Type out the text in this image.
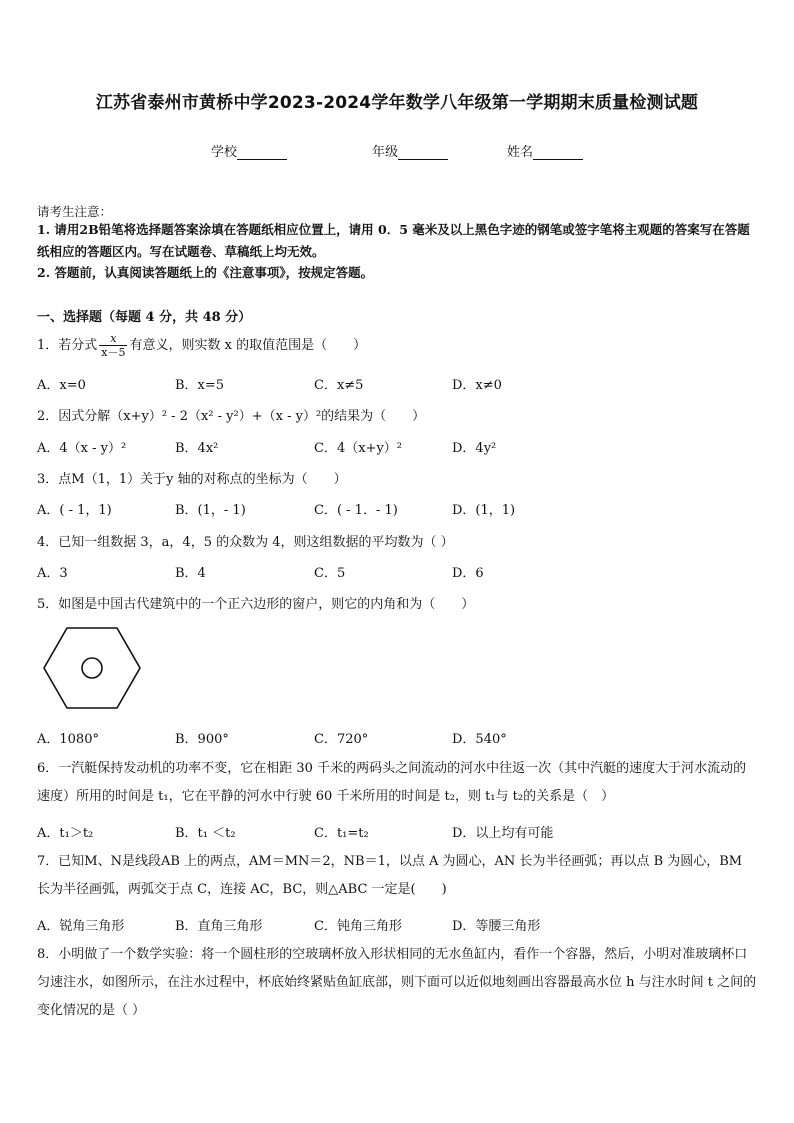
江苏省泰州市黄桥中学2023-2024学年数学八年级第一学期期末质量检测试题
学校	年级	姓名
请考生注意：
1. 请用2B铅笔将选择题答案涂填在答题纸相应位置上，请用 0．5 毫米及以上黑色字迹的钢笔或签字笔将主观题的答案写在答题纸相应的答题区内。写在试题卷、草稿纸上均无效。
2. 答题前，认真阅读答题纸上的《注意事项》，按规定答题。
一、选择题（每题 4 分，共 48 分）
1．若分式 $\frac{x}{x-5}$ 有意义，则实数 x 的取值范围是（　　）
A．x=0	B．x=5	C．x≠5	D．x≠0
2．因式分解（x+y）² - 2（x² - y²）+（x - y）²的结果为（　　）
A．4（x - y）²	B．4x²	C．4（x+y）²	D．4y²
3．点M（1，1）关于y 轴的对称点的坐标为（　　）
A．( - 1，1)	B．(1，- 1)	C．( - 1．- 1)	D．(1，1)
4．已知一组数据 3，a，4，5 的众数为 4，则这组数据的平均数为（ ）
A．3	B．4	C．5	D．6
5．如图是中国古代建筑中的一个正六边形的窗户，则它的内角和为（　　）
A．1080°	B．900°	C．720°	D．540°
6．一汽艇保持发动机的功率不变，它在相距 30 千米的两码头之间流动的河水中往返一次（其中汽艇的速度大于河水流动的速度）所用的时间是 t₁，它在平静的河水中行驶 60 千米所用的时间是 t₂，则 t₁与 t₂的关系是（　）
A．t₁＞t₂	B．t₁ ＜t₂	C．t₁=t₂	D．以上均有可能
7．已知M、N是线段AB 上的两点，AM＝MN＝2，NB＝1，以点 A 为圆心，AN 长为半径画弧；再以点 B 为圆心，BM 长为半径画弧，两弧交于点 C，连接 AC，BC，则△ABC 一定是(　　)
A．锐角三角形	B．直角三角形	C．钝角三角形	D．等腰三角形
8．小明做了一个数学实验：将一个圆柱形的空玻璃杯放入形状相同的无水鱼缸内，看作一个容器，然后，小明对准玻璃杯口匀速注水，如图所示，在注水过程中，杯底始终紧贴鱼缸底部，则下面可以近似地刻画出容器最高水位 h 与注水时间 t 之间的变化情况的是（ ）
